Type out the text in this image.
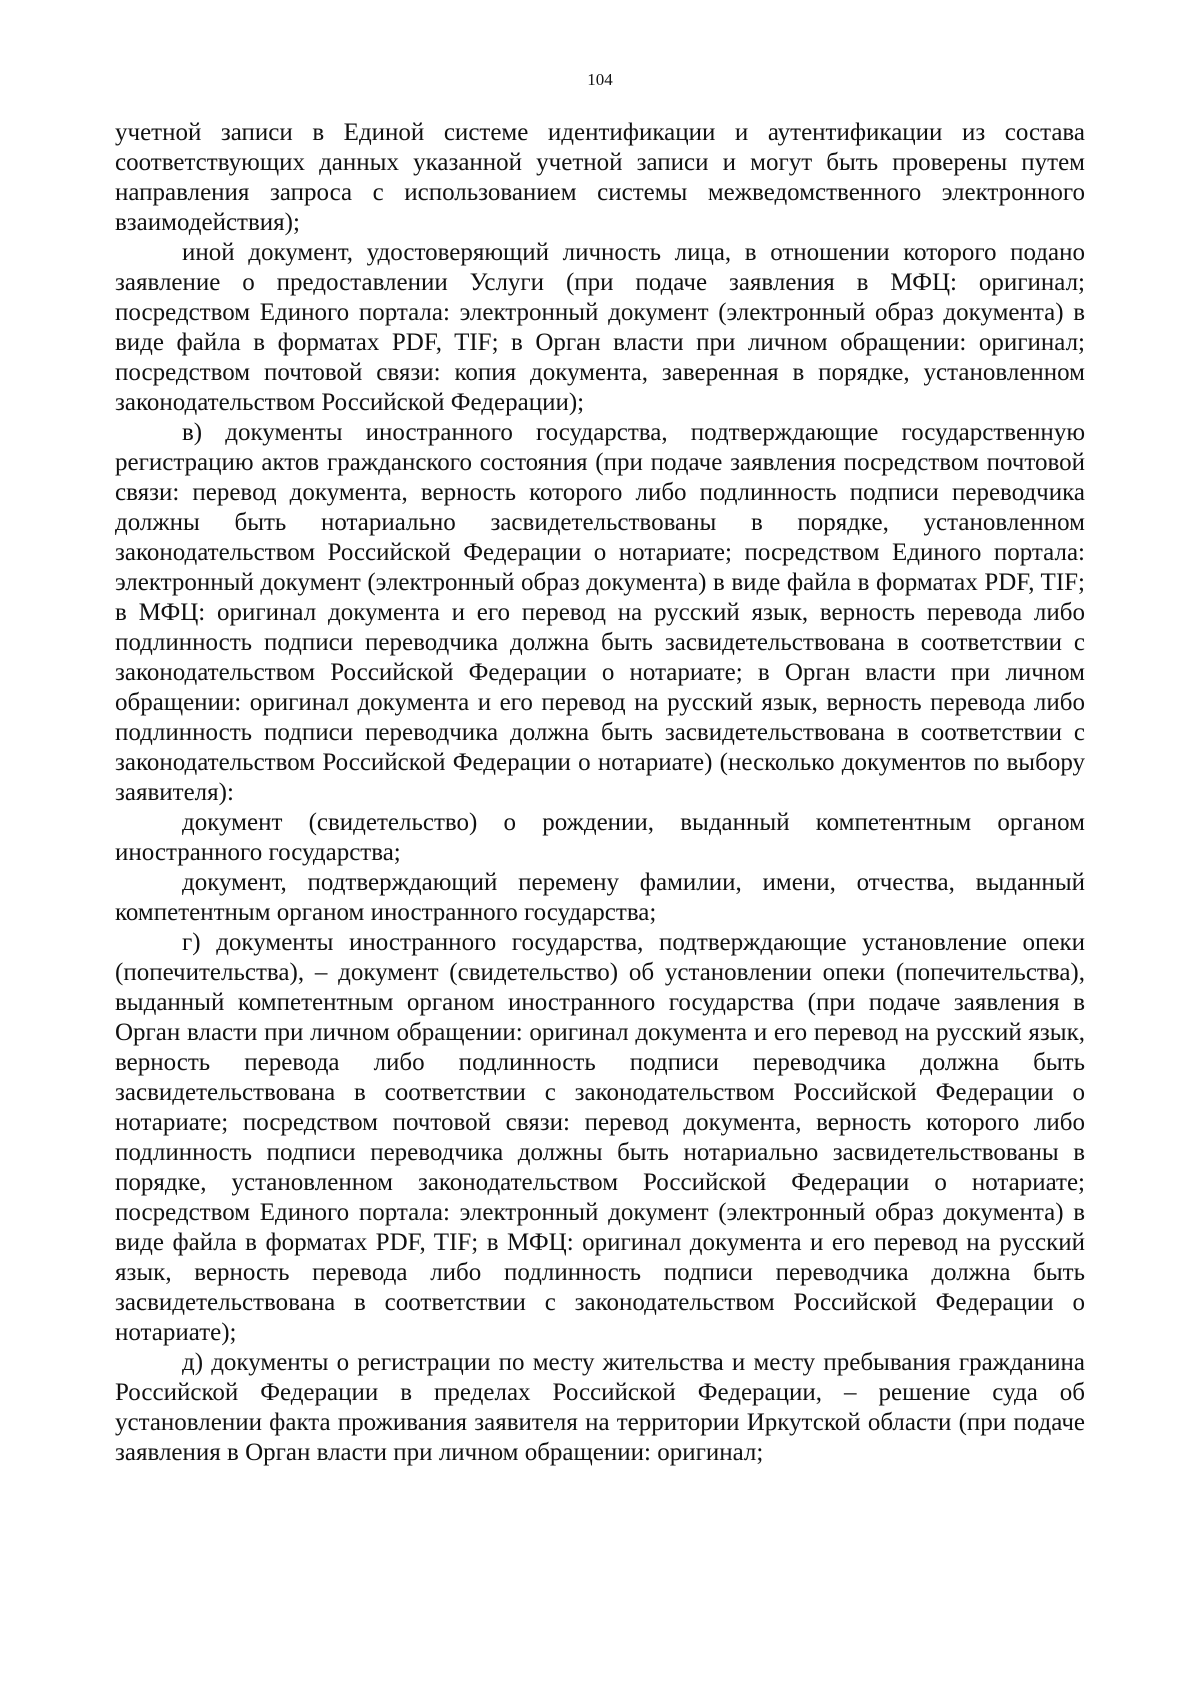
104

учетной записи в Единой системе идентификации и аутентификации из состава соответствующих данных указанной учетной записи и могут быть проверены путем направления запроса с использованием системы межведомственного электронного взаимодействия);

иной документ, удостоверяющий личность лица, в отношении которого подано заявление о предоставлении Услуги (при подаче заявления в МФЦ: оригинал; посредством Единого портала: электронный документ (электронный образ документа) в виде файла в форматах PDF, TIF; в Орган власти при личном обращении: оригинал; посредством почтовой связи: копия документа, заверенная в порядке, установленном законодательством Российской Федерации);

в) документы иностранного государства, подтверждающие государственную регистрацию актов гражданского состояния (при подаче заявления посредством почтовой связи: перевод документа, верность которого либо подлинность подписи переводчика должны быть нотариально засвидетельствованы в порядке, установленном законодательством Российской Федерации о нотариате; посредством Единого портала: электронный документ (электронный образ документа) в виде файла в форматах PDF, TIF; в МФЦ: оригинал документа и его перевод на русский язык, верность перевода либо подлинность подписи переводчика должна быть засвидетельствована в соответствии с законодательством Российской Федерации о нотариате; в Орган власти при личном обращении: оригинал документа и его перевод на русский язык, верность перевода либо подлинность подписи переводчика должна быть засвидетельствована в соответствии с законодательством Российской Федерации о нотариате) (несколько документов по выбору заявителя):

документ (свидетельство) о рождении, выданный компетентным органом иностранного государства;

документ, подтверждающий перемену фамилии, имени, отчества, выданный компетентным органом иностранного государства;

г) документы иностранного государства, подтверждающие установление опеки (попечительства), – документ (свидетельство) об установлении опеки (попечительства), выданный компетентным органом иностранного государства (при подаче заявления в Орган власти при личном обращении: оригинал документа и его перевод на русский язык, верность перевода либо подлинность подписи переводчика должна быть засвидетельствована в соответствии с законодательством Российской Федерации о нотариате; посредством почтовой связи: перевод документа, верность которого либо подлинность подписи переводчика должны быть нотариально засвидетельствованы в порядке, установленном законодательством Российской Федерации о нотариате; посредством Единого портала: электронный документ (электронный образ документа) в виде файла в форматах PDF, TIF; в МФЦ: оригинал документа и его перевод на русский язык, верность перевода либо подлинность подписи переводчика должна быть засвидетельствована в соответствии с законодательством Российской Федерации о нотариате);

д) документы о регистрации по месту жительства и месту пребывания гражданина Российской Федерации в пределах Российской Федерации, – решение суда об установлении факта проживания заявителя на территории Иркутской области (при подаче заявления в Орган власти при личном обращении: оригинал;
